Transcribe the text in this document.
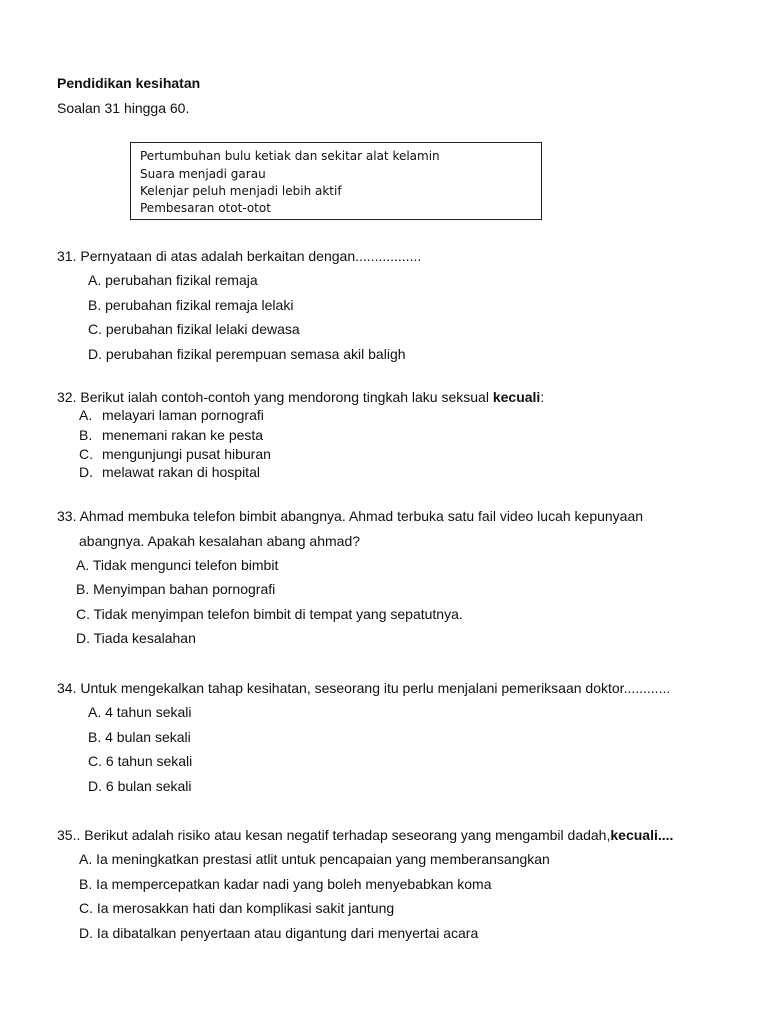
Pendidikan kesihatan
Soalan 31 hingga 60.
Pertumbuhan bulu ketiak dan sekitar alat kelamin
Suara menjadi garau
Kelenjar peluh menjadi lebih aktif
Pembesaran otot-otot
31. Pernyataan di atas adalah berkaitan dengan.................
A. perubahan fizikal remaja
B. perubahan fizikal remaja lelaki
C. perubahan fizikal lelaki dewasa
D. perubahan fizikal perempuan semasa akil baligh
32. Berikut ialah contoh-contoh yang mendorong tingkah laku seksual kecuali:
A. melayari laman pornografi
B. menemani rakan ke pesta
C. mengunjungi pusat hiburan
D. melawat rakan di hospital
33. Ahmad membuka telefon bimbit abangnya. Ahmad terbuka satu fail video lucah kepunyaan
abangnya. Apakah kesalahan abang ahmad?
A. Tidak mengunci telefon bimbit
B. Menyimpan bahan pornografi
C. Tidak menyimpan telefon bimbit di tempat yang sepatutnya.
D. Tiada kesalahan
34. Untuk mengekalkan tahap kesihatan, seseorang itu perlu menjalani pemeriksaan doktor............
A. 4 tahun sekali
B. 4 bulan sekali
C. 6 tahun sekali
D. 6 bulan sekali
35.. Berikut adalah risiko atau kesan negatif terhadap seseorang yang mengambil dadah,kecuali....
A. Ia meningkatkan prestasi atlit untuk pencapaian yang memberansangkan
B. Ia mempercepatkan kadar nadi yang boleh menyebabkan koma
C. Ia merosakkan hati dan komplikasi sakit jantung
D. Ia dibatalkan penyertaan atau digantung dari menyertai acara
